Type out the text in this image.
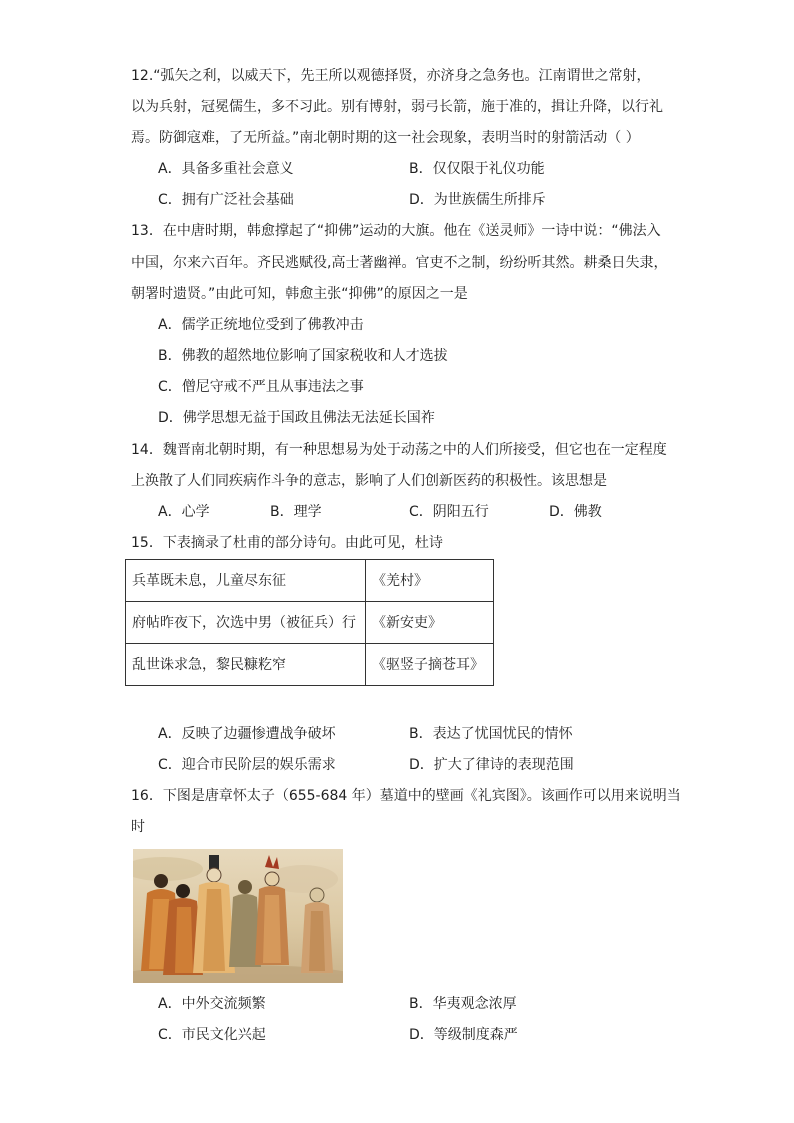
12.“弧矢之利，以威天下，先王所以观德择贤，亦济身之急务也。江南谓世之常射，
以为兵射，冠冕儒生，多不习此。别有博射，弱弓长箭，施于准的，揖让升降，以行礼
焉。防御寇难，了无所益。”南北朝时期的这一社会现象，表明当时的射箭活动（ ）
A．具备多重社会意义	B．仅仅限于礼仪功能
C．拥有广泛社会基础	D．为世族儒生所排斥
13．在中唐时期，韩愈撑起了“抑佛”运动的大旗。他在《送灵师》一诗中说：“佛法入
中国，尔来六百年。齐民逃赋役,高士著幽禅。官吏不之制，纷纷听其然。耕桑日失隶，
朝署时遗贤。”由此可知，韩愈主张“抑佛”的原因之一是
A．儒学正统地位受到了佛教冲击
B．佛教的超然地位影响了国家税收和人才选拔
C．僧尼守戒不严且从事违法之事
D．佛学思想无益于国政且佛法无法延长国祚
14．魏晋南北朝时期，有一种思想易为处于动荡之中的人们所接受，但它也在一定程度
上涣散了人们同疾病作斗争的意志，影响了人们创新医药的积极性。该思想是
A．心学	B．理学	C．阴阳五行	D．佛教
15．下表摘录了杜甫的部分诗句。由此可见，杜诗
兵革既未息，儿童尽东征	《羌村》
府帖昨夜下，次选中男（被征兵）行	《新安吏》
乱世诛求急，黎民糠籺窄	《驱竖子摘苍耳》
A．反映了边疆惨遭战争破坏	B．表达了忧国忧民的情怀
C．迎合市民阶层的娱乐需求	D．扩大了律诗的表现范围
16．下图是唐章怀太子（655-684 年）墓道中的壁画《礼宾图》。该画作可以用来说明当
时
A．中外交流频繁	B．华夷观念浓厚
C．市民文化兴起	D．等级制度森严
